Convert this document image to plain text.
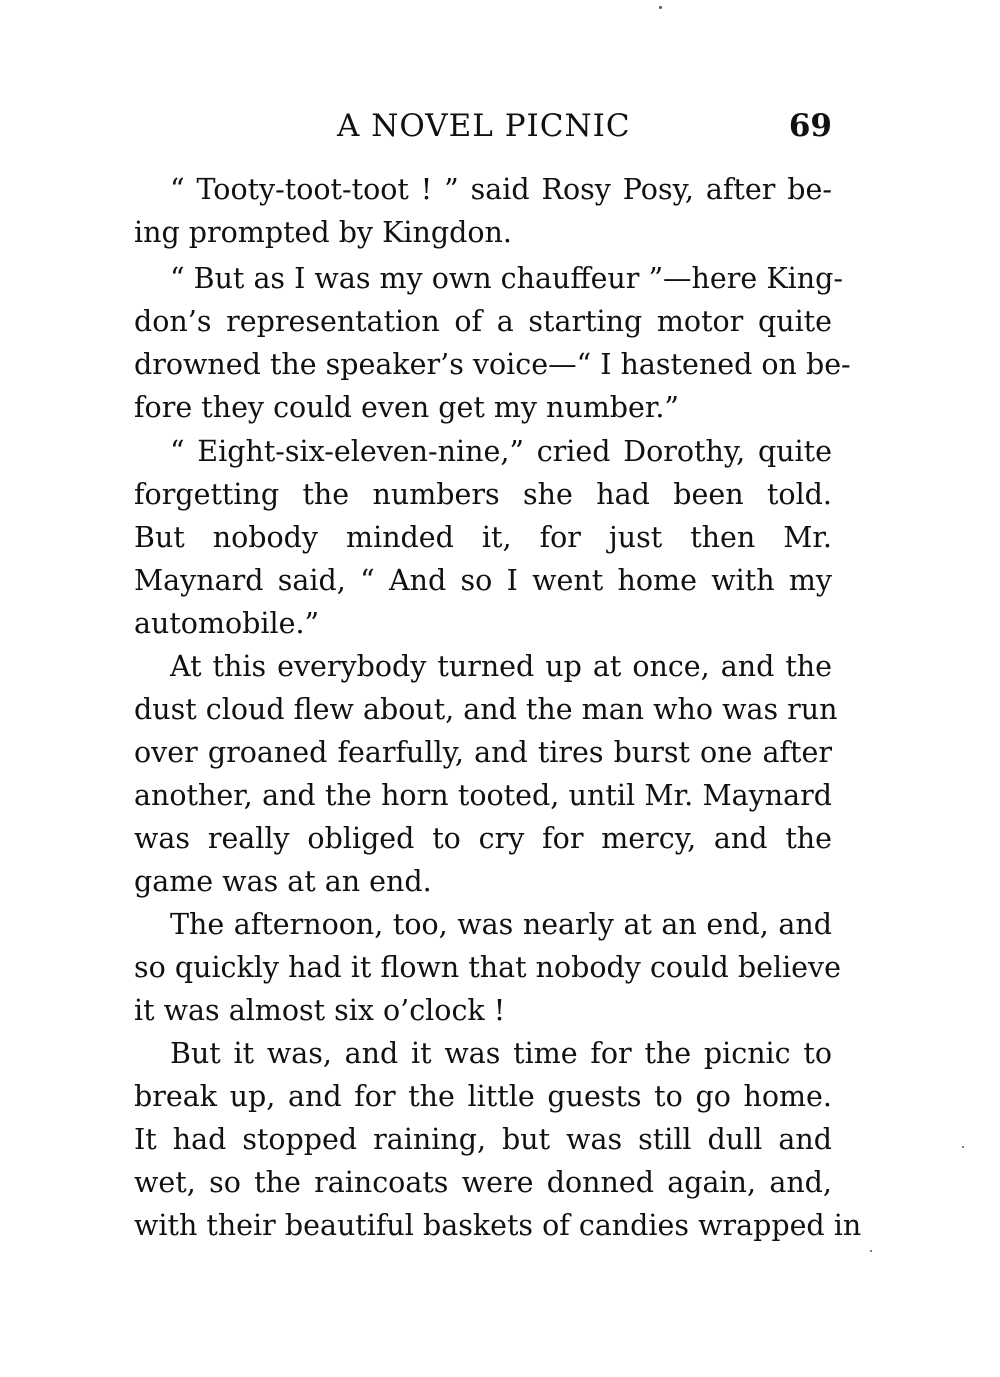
A NOVEL PICNIC	69

“ Tooty-toot-toot ! ” said Rosy Posy, after be-
ing prompted by Kingdon.

“ But as I was my own chauffeur ”—here King-
don’s representation of a starting motor quite
drowned the speaker’s voice—“ I hastened on be-
fore they could even get my number.”

“ Eight-six-eleven-nine,” cried Dorothy, quite
forgetting the numbers she had been told.
But nobody minded it, for just then Mr.
Maynard said, “ And so I went home with my
automobile.”

At this everybody turned up at once, and the
dust cloud flew about, and the man who was run
over groaned fearfully, and tires burst one after
another, and the horn tooted, until Mr. Maynard
was really obliged to cry for mercy, and the
game was at an end.

The afternoon, too, was nearly at an end, and
so quickly had it flown that nobody could believe
it was almost six o’clock !

But it was, and it was time for the picnic to
break up, and for the little guests to go home.
It had stopped raining, but was still dull and
wet, so the raincoats were donned again, and,
with their beautiful baskets of candies wrapped in
